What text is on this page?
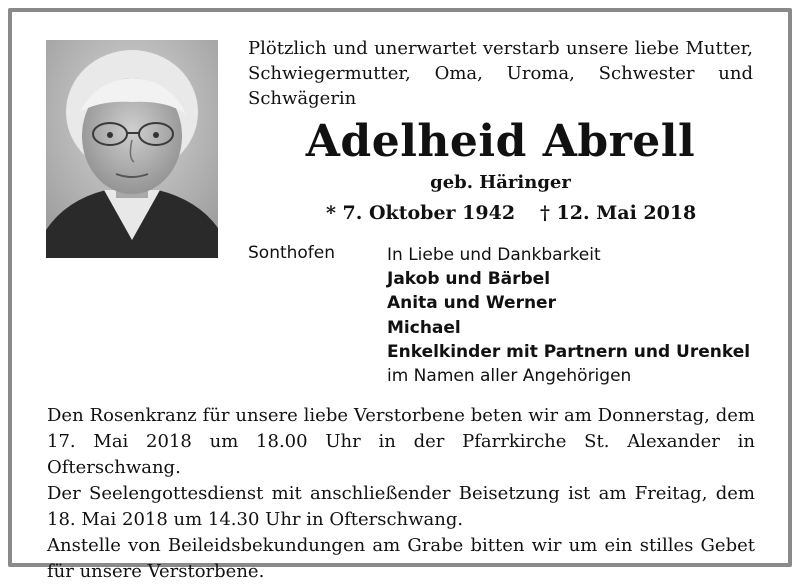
Plötzlich und unerwartet verstarb unsere liebe Mutter, Schwiegermutter, Oma, Uroma, Schwester und Schwägerin
Adelheid Abrell
geb. Häringer
* 7. Oktober 1942 † 12. Mai 2018
Sonthofen	In Liebe und Dankbarkeit
Jakob und Bärbel
Anita und Werner
Michael
Enkelkinder mit Partnern und Urenkel
im Namen aller Angehörigen

Den Rosenkranz für unsere liebe Verstorbene beten wir am Donnerstag, dem 17. Mai 2018 um 18.00 Uhr in der Pfarrkirche St. Alexander in Ofterschwang.

Der Seelengottesdienst mit anschließender Beisetzung ist am Freitag, dem 18. Mai 2018 um 14.30 Uhr in Ofterschwang.

Anstelle von Beileidsbekundungen am Grabe bitten wir um ein stilles Gebet für unsere Verstorbene.
